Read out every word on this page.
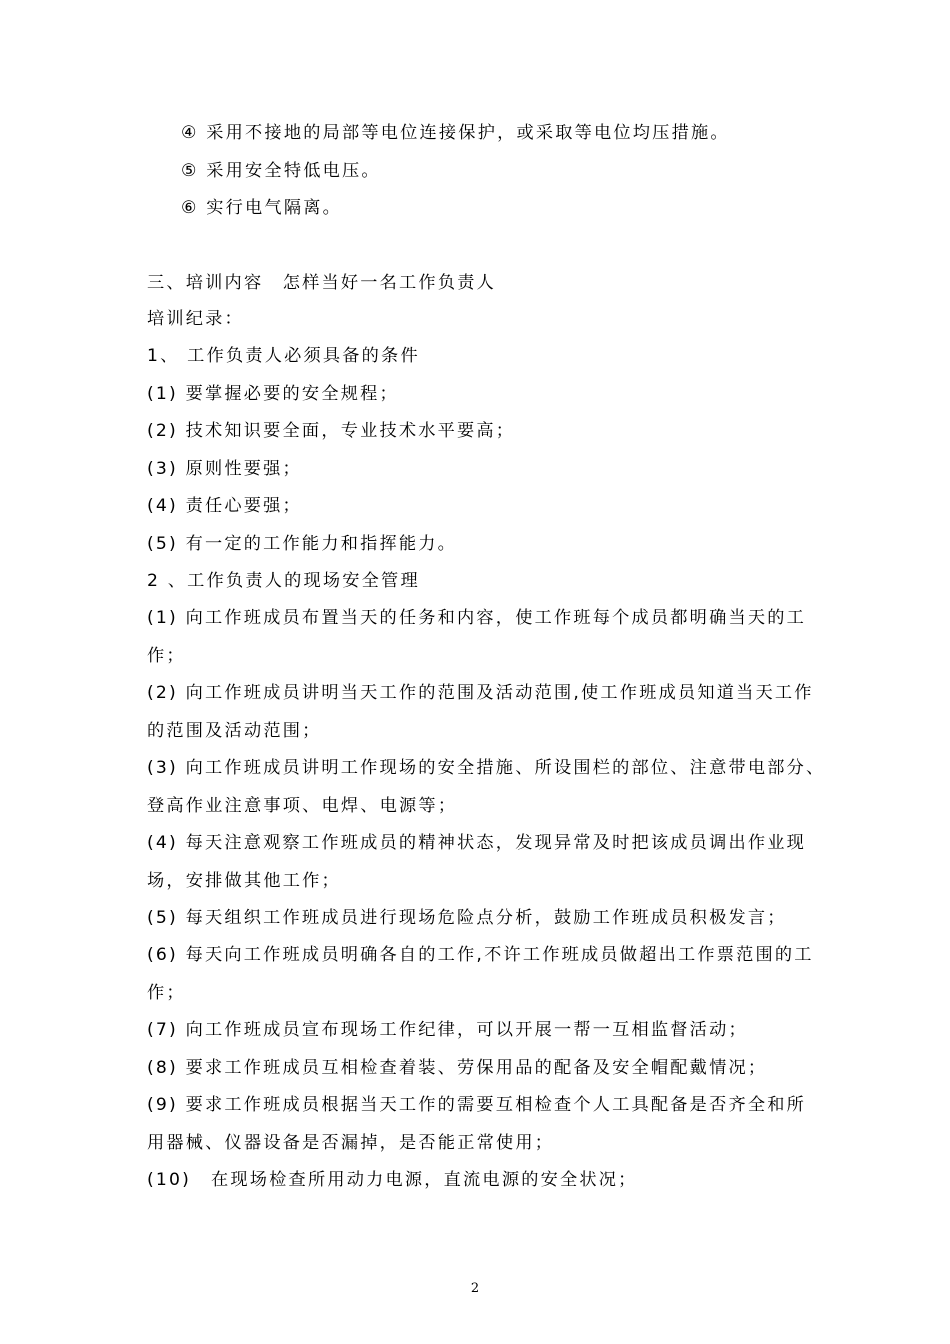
④ 采用不接地的局部等电位连接保护，或采取等电位均压措施。
⑤ 采用安全特低电压。
⑥ 实行电气隔离。
三、培训内容　怎样当好一名工作负责人
培训纪录：
1、 工作负责人必须具备的条件
(1) 要掌握必要的安全规程；
(2) 技术知识要全面，专业技术水平要高；
(3) 原则性要强；
(4) 责任心要强；
(5) 有一定的工作能力和指挥能力。
2 、工作负责人的现场安全管理
(1) 向工作班成员布置当天的任务和内容，使工作班每个成员都明确当天的工
作；
(2) 向工作班成员讲明当天工作的范围及活动范围,使工作班成员知道当天工作
的范围及活动范围；
(3) 向工作班成员讲明工作现场的安全措施、所设围栏的部位、注意带电部分、
登高作业注意事项、电焊、电源等；
(4) 每天注意观察工作班成员的精神状态，发现异常及时把该成员调出作业现
场，安排做其他工作；
(5) 每天组织工作班成员进行现场危险点分析，鼓励工作班成员积极发言；
(6) 每天向工作班成员明确各自的工作,不许工作班成员做超出工作票范围的工
作；
(7) 向工作班成员宣布现场工作纪律，可以开展一帮一互相监督活动；
(8) 要求工作班成员互相检查着装、劳保用品的配备及安全帽配戴情况；
(9) 要求工作班成员根据当天工作的需要互相检查个人工具配备是否齐全和所
用器械、仪器设备是否漏掉，是否能正常使用；
(10) 在现场检查所用动力电源，直流电源的安全状况；
2
